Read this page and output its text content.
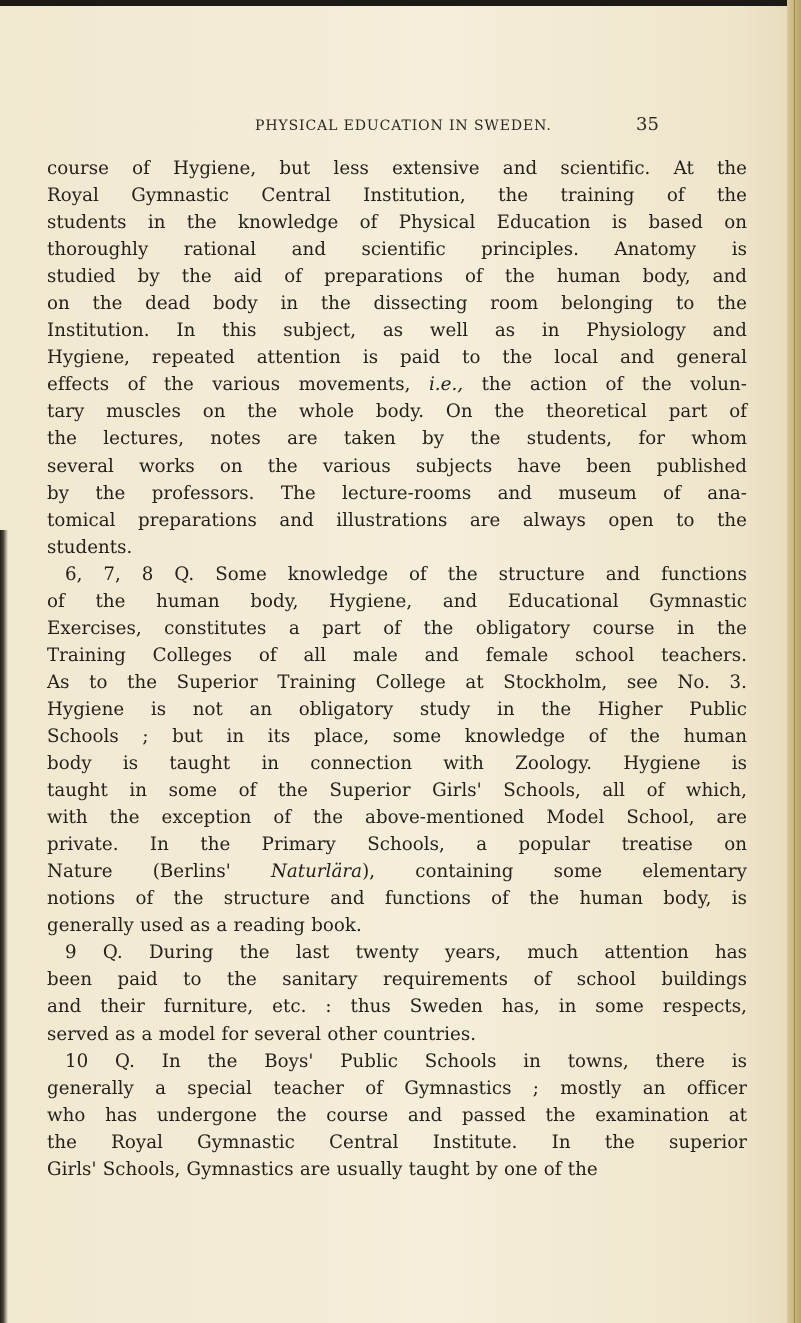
PHYSICAL EDUCATION IN SWEDEN.	35
course of Hygiene, but less extensive and scientific. At the
Royal Gymnastic Central Institution, the training of the
students in the knowledge of Physical Education is based on
thoroughly rational and scientific principles. Anatomy is
studied by the aid of preparations of the human body, and
on the dead body in the dissecting room belonging to the
Institution. In this subject, as well as in Physiology and
Hygiene, repeated attention is paid to the local and general
effects of the various movements, i.e., the action of the volun-
tary muscles on the whole body. On the theoretical part of
the lectures, notes are taken by the students, for whom
several works on the various subjects have been published
by the professors. The lecture-rooms and museum of ana-
tomical preparations and illustrations are always open to the
students.
6, 7, 8 Q. Some knowledge of the structure and functions
of the human body, Hygiene, and Educational Gymnastic
Exercises, constitutes a part of the obligatory course in the
Training Colleges of all male and female school teachers.
As to the Superior Training College at Stockholm, see No. 3.
Hygiene is not an obligatory study in the Higher Public
Schools ; but in its place, some knowledge of the human
body is taught in connection with Zoology. Hygiene is
taught in some of the Superior Girls' Schools, all of which,
with the exception of the above-mentioned Model School, are
private. In the Primary Schools, a popular treatise on
Nature (Berlins' Naturlära), containing some elementary
notions of the structure and functions of the human body, is
generally used as a reading book.
9 Q. During the last twenty years, much attention has
been paid to the sanitary requirements of school buildings
and their furniture, etc. : thus Sweden has, in some respects,
served as a model for several other countries.
10 Q. In the Boys' Public Schools in towns, there is
generally a special teacher of Gymnastics ; mostly an officer
who has undergone the course and passed the examination at
the Royal Gymnastic Central Institute. In the superior
Girls' Schools, Gymnastics are usually taught by one of the
